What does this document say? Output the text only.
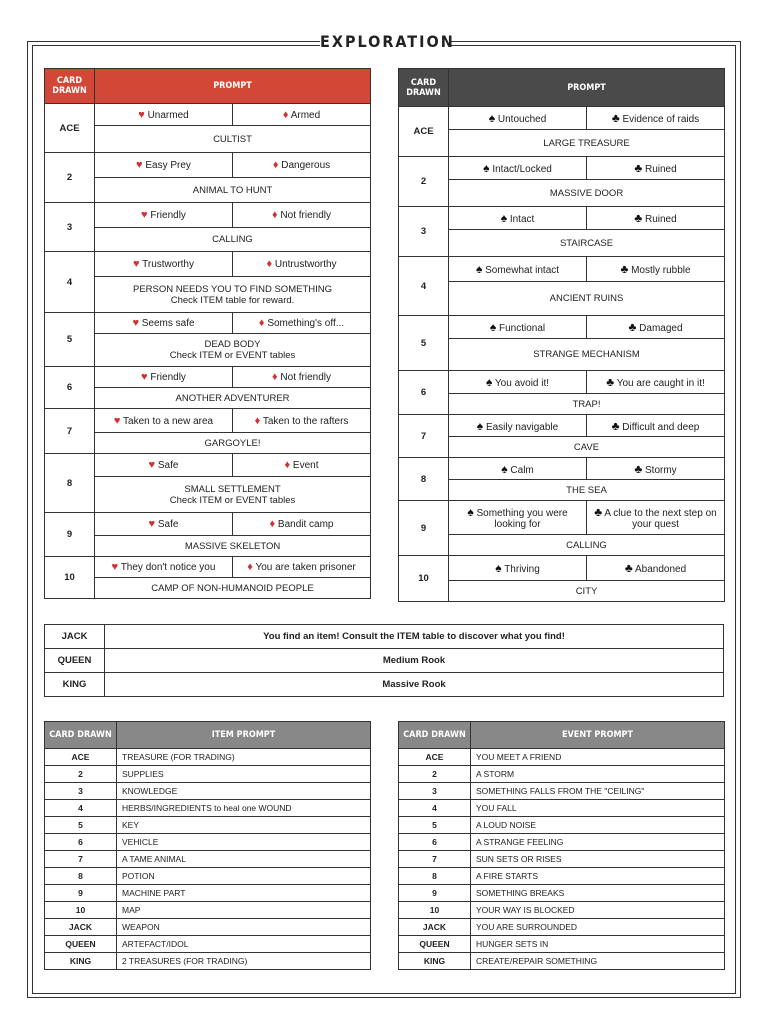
EXPLORATION
CARD DRAWN	PROMPT	
ACE	♥ Unarmed	♦ Armed

	CULTIST	

2	♥ Easy Prey	♦ Dangerous

	ANIMAL TO HUNT	

3	♥ Friendly	♦ Not friendly

	CALLING	

4	♥ Trustworthy	♦ Untrustworthy

	PERSON NEEDS YOU TO FIND SOMETHING
Check ITEM table for reward.	

5	♥ Seems safe	♦ Something's off...

	DEAD BODY
Check ITEM or EVENT tables	

6	♥ Friendly	♦ Not friendly

	ANOTHER ADVENTURER	

7	♥ Taken to a new area	♦ Taken to the rafters

	GARGOYLE!	

8	♥ Safe	♦ Event

	SMALL SETTLEMENT
Check ITEM or EVENT tables	

9	♥ Safe	♦ Bandit camp

	MASSIVE SKELETON	

10	♥ They don't notice you	♦ You are taken prisoner

	CAMP OF NON-HUMANOID PEOPLE	
CARD DRAWN	PROMPT	
ACE	♠ Untouched	♣ Evidence of raids
	LARGE TREASURE	
2	♠ Intact/Locked	♣ Ruined
	MASSIVE DOOR	
3	♠ Intact	♣ Ruined
	STAIRCASE	
4	♠ Somewhat intact	♣ Mostly rubble
	ANCIENT RUINS	
5	♠ Functional	♣ Damaged
	STRANGE MECHANISM	
6	♠ You avoid it!	♣ You are caught in it!
	TRAP!	
7	♠ Easily navigable	♣ Difficult and deep
	CAVE	
8	♠ Calm	♣ Stormy
	THE SEA	
9	♠ Something you were looking for	♣ A clue to the next step on your quest
	CALLING	
10	♠ Thriving	♣ Abandoned
	CITY	
JACK	You find an item! Consult the ITEM table to discover what you find!
QUEEN	Medium Rook
KING	Massive Rook
CARD DRAWN	ITEM PROMPT
ACE	TREASURE (FOR TRADING)
2	SUPPLIES
3	KNOWLEDGE
4	HERBS/INGREDIENTS to heal one WOUND
5	KEY
6	VEHICLE
7	A TAME ANIMAL
8	POTION
9	MACHINE PART
10	MAP
JACK	WEAPON
QUEEN	ARTEFACT/IDOL
KING	2 TREASURES (FOR TRADING)
CARD DRAWN	EVENT PROMPT
ACE	YOU MEET A FRIEND
2	A STORM
3	SOMETHING FALLS FROM THE "CEILING"
4	YOU FALL
5	A LOUD NOISE
6	A STRANGE FEELING
7	SUN SETS OR RISES
8	A FIRE STARTS
9	SOMETHING BREAKS
10	YOUR WAY IS BLOCKED
JACK	YOU ARE SURROUNDED
QUEEN	HUNGER SETS IN
KING	CREATE/REPAIR SOMETHING
